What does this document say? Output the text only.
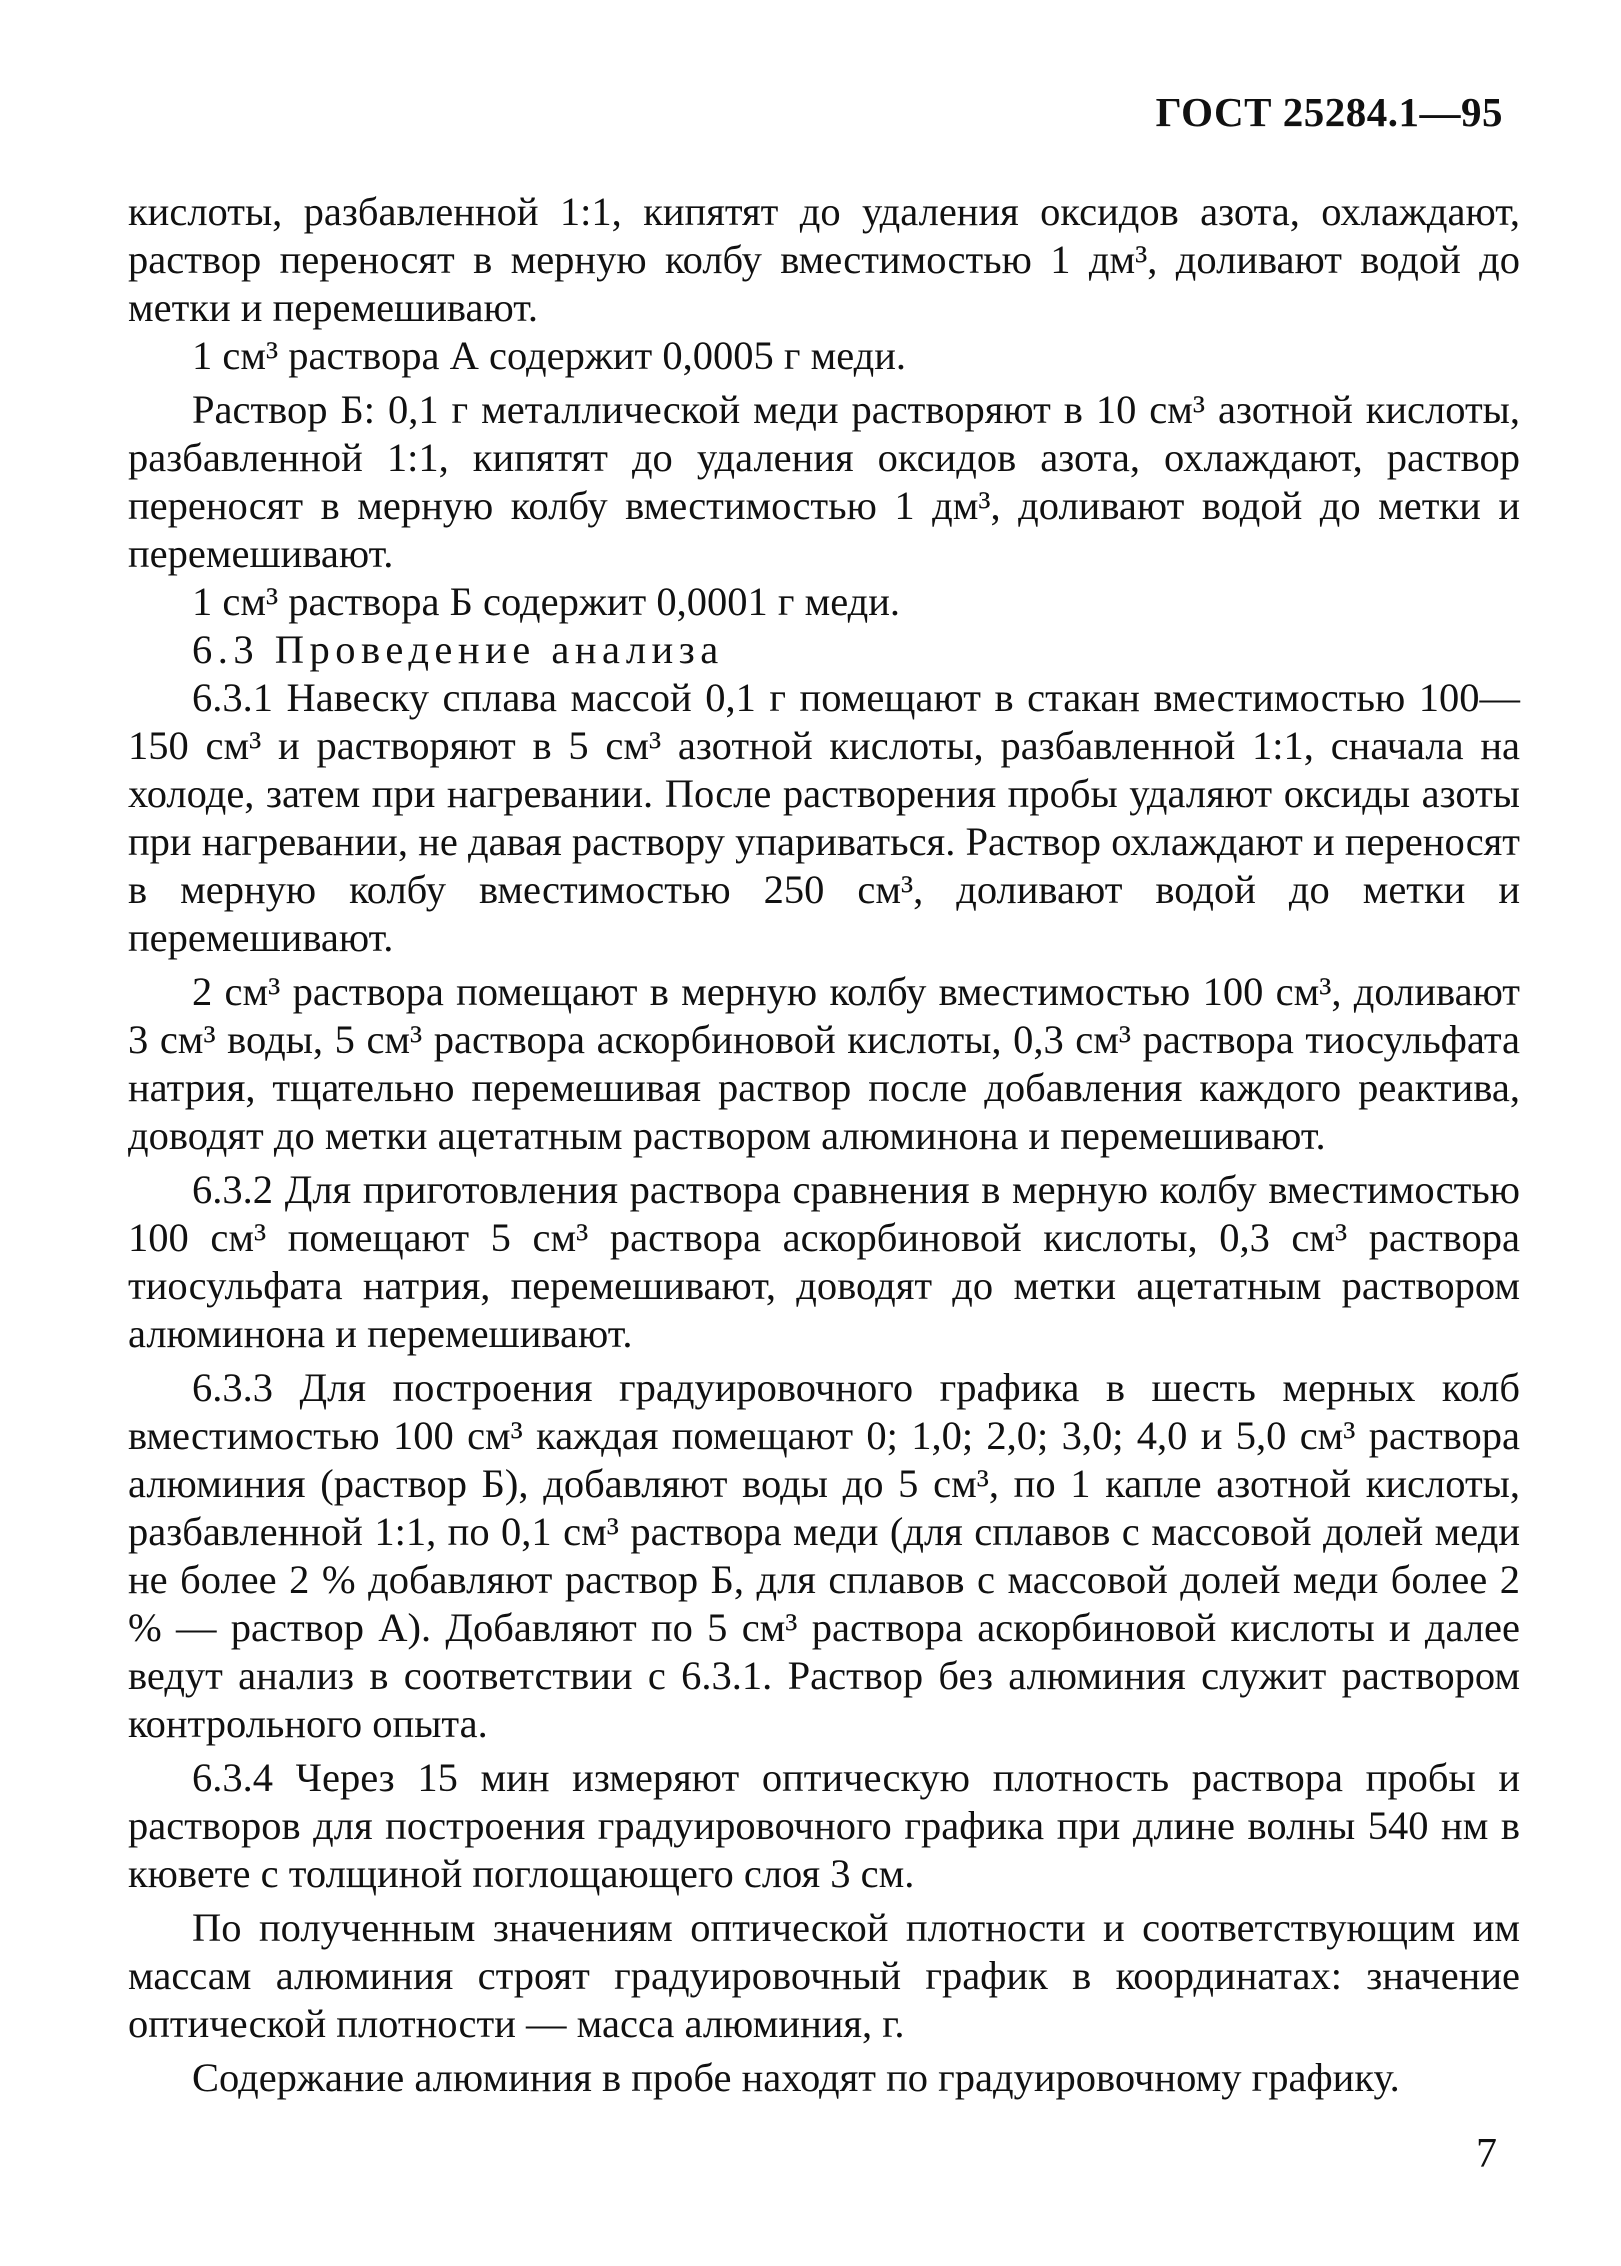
ГОСТ 25284.1—95

кислоты, разбавленной 1:1, кипятят до удаления оксидов азота, охлаждают, раствор переносят в мерную колбу вместимостью 1 дм³, доливают водой до метки и перемешивают.

1 см³ раствора А содержит 0,0005 г меди.

Раствор Б: 0,1 г металлической меди растворяют в 10 см³ азотной кислоты, разбавленной 1:1, кипятят до удаления оксидов азота, охлаждают, раствор переносят в мерную колбу вместимостью 1 дм³, доливают водой до метки и перемешивают.

1 см³ раствора Б содержит 0,0001 г меди.

6.3 Проведение анализа

6.3.1 Навеску сплава массой 0,1 г помещают в стакан вместимостью 100—150 см³ и растворяют в 5 см³ азотной кислоты, разбавленной 1:1, сначала на холоде, затем при нагревании. После растворения пробы удаляют оксиды азоты при нагревании, не давая раствору упариваться. Раствор охлаждают и переносят в мерную колбу вместимостью 250 см³, доливают водой до метки и перемешивают.

2 см³ раствора помещают в мерную колбу вместимостью 100 см³, доливают 3 см³ воды, 5 см³ раствора аскорбиновой кислоты, 0,3 см³ раствора тиосульфата натрия, тщательно перемешивая раствор после добавления каждого реактива, доводят до метки ацетатным раствором алюминона и перемешивают.

6.3.2 Для приготовления раствора сравнения в мерную колбу вместимостью 100 см³ помещают 5 см³ раствора аскорбиновой кислоты, 0,3 см³ раствора тиосульфата натрия, перемешивают, доводят до метки ацетатным раствором алюминона и перемешивают.

6.3.3 Для построения градуировочного графика в шесть мерных колб вместимостью 100 см³ каждая помещают 0; 1,0; 2,0; 3,0; 4,0 и 5,0 см³ раствора алюминия (раствор Б), добавляют воды до 5 см³, по 1 капле азотной кислоты, разбавленной 1:1, по 0,1 см³ раствора меди (для сплавов с массовой долей меди не более 2 % добавляют раствор Б, для сплавов с массовой долей меди более 2 % — раствор А). Добавляют по 5 см³ раствора аскорбиновой кислоты и далее ведут анализ в соответствии с 6.3.1. Раствор без алюминия служит раствором контрольного опыта.

6.3.4 Через 15 мин измеряют оптическую плотность раствора пробы и растворов для построения градуировочного графика при длине волны 540 нм в кювете с толщиной поглощающего слоя 3 см.

По полученным значениям оптической плотности и соответствующим им массам алюминия строят градуировочный график в координатах: значение оптической плотности — масса алюминия, г.

Содержание алюминия в пробе находят по градуировочному графику.

7
